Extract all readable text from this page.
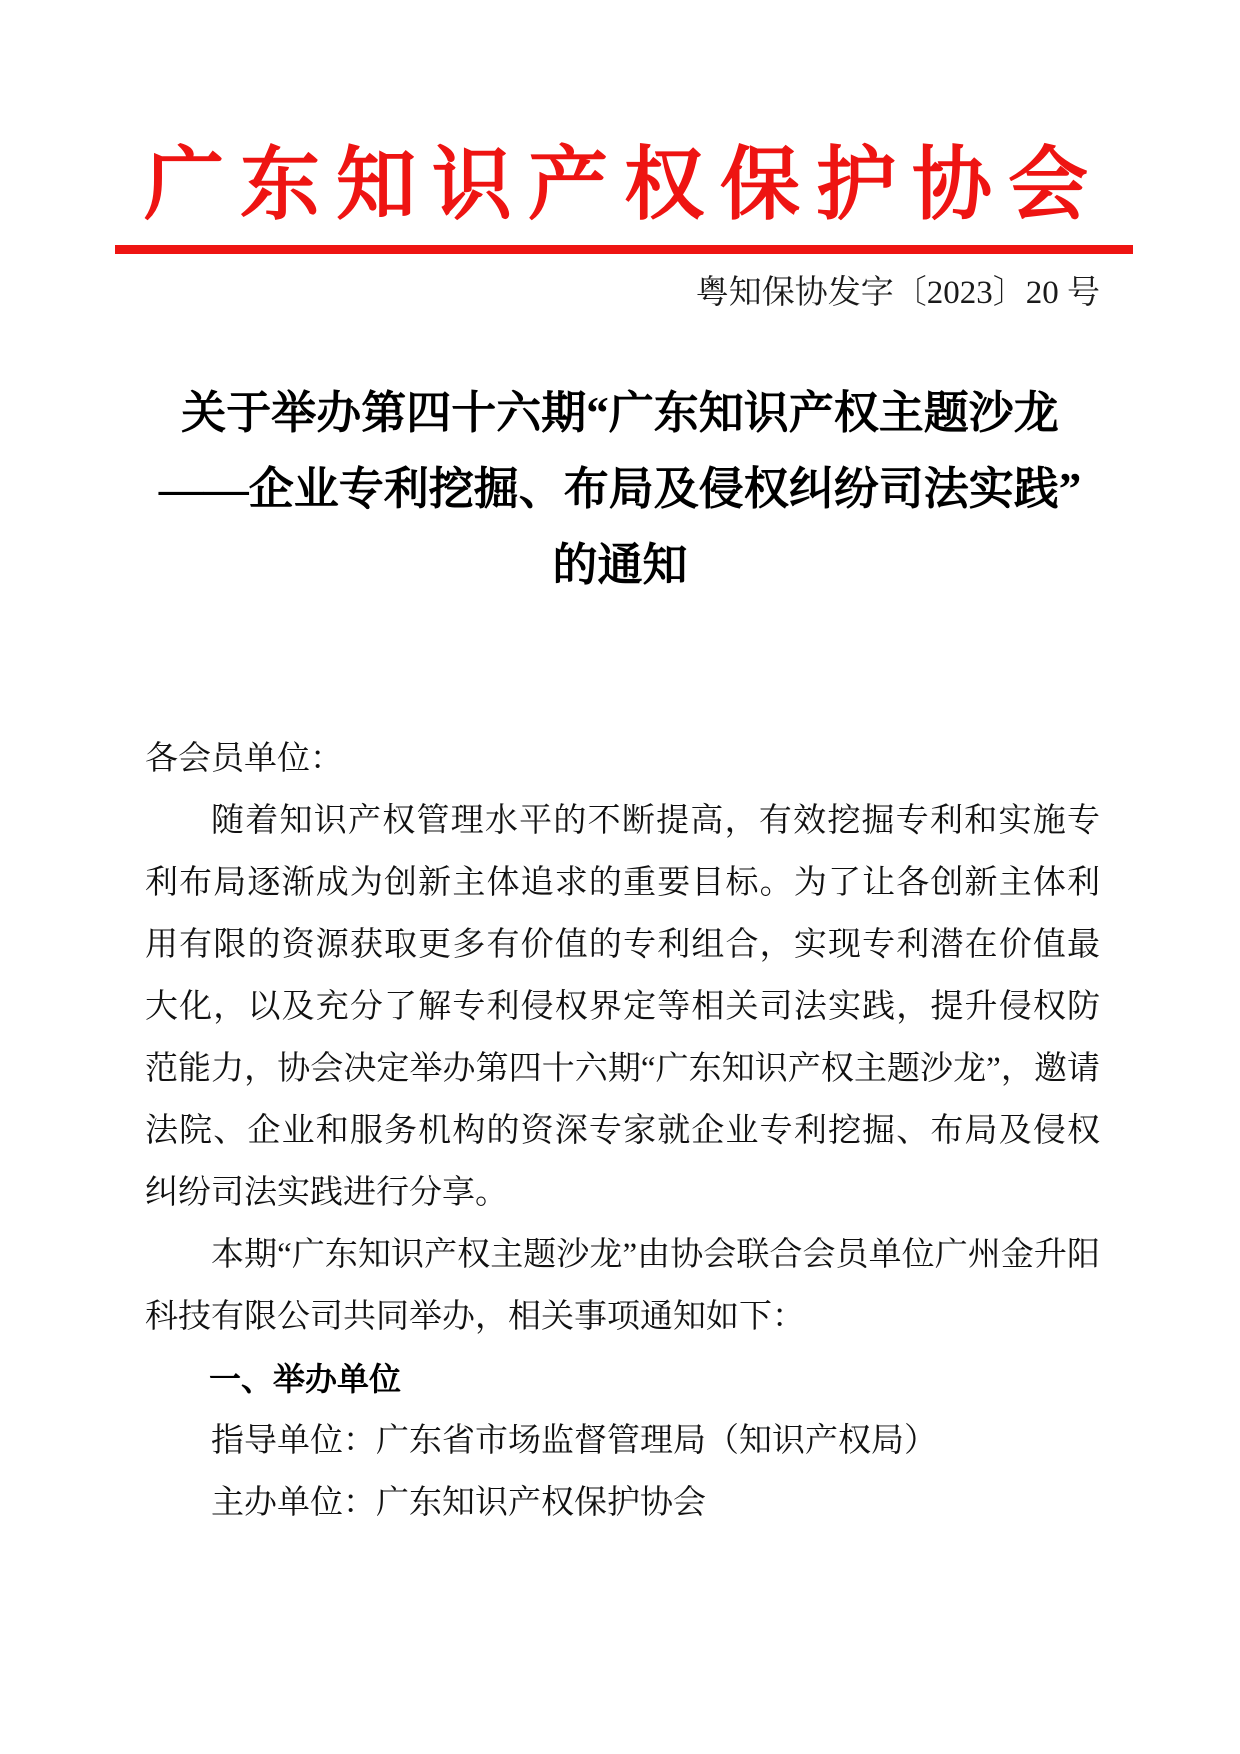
广东知识产权保护协会
粤知保协发字〔2023〕20 号
关于举办第四十六期“广东知识产权主题沙龙
——企业专利挖掘、布局及侵权纠纷司法实践”
的通知

各会员单位：

随着知识产权管理水平的不断提高，有效挖掘专利和实施专利布局逐渐成为创新主体追求的重要目标。为了让各创新主体利用有限的资源获取更多有价值的专利组合，实现专利潜在价值最大化，以及充分了解专利侵权界定等相关司法实践，提升侵权防范能力，协会决定举办第四十六期“广东知识产权主题沙龙”，邀请法院、企业和服务机构的资深专家就企业专利挖掘、布局及侵权纠纷司法实践进行分享。

本期“广东知识产权主题沙龙”由协会联合会员单位广州金升阳科技有限公司共同举办，相关事项通知如下：

一、举办单位

指导单位：广东省市场监督管理局（知识产权局）

主办单位：广东知识产权保护协会
